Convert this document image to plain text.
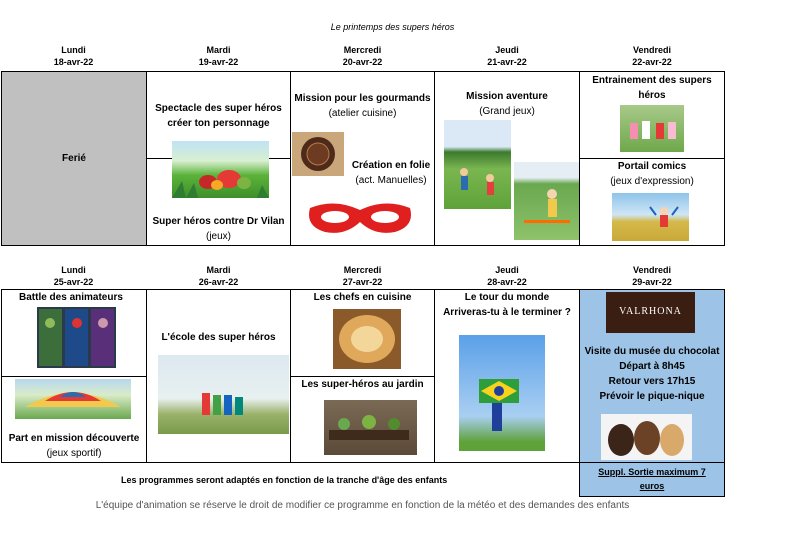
Le printemps des supers héros
Lundi
18-avr-22
Mardi
19-avr-22
Mercredi
20-avr-22
Jeudi
21-avr-22
Vendredi
22-avr-22
Ferié
Spectacle des super héros
créer ton personnage
Super héros contre Dr Vilan
(jeux)
Mission pour les gourmands
(atelier cuisine)
Création en folie
(act. Manuelles)
Mission aventure
(Grand jeux)
Entrainement des supers
héros
Portail comics
(jeux d'expression)
Lundi
25-avr-22
Mardi
26-avr-22
Mercredi
27-avr-22
Jeudi
28-avr-22
Vendredi
29-avr-22
Battle des animateurs
Part en mission découverte
(jeux sportif)
L'école des super héros
Les chefs en cuisine
Les super-héros au jardin
Le tour du monde
Arriveras-tu à le terminer ?
Visite du musée du chocolat
Départ à 8h45
Retour vers 17h15
Prévoir le pique-nique
VALRHONA
Suppl. Sortie maximum 7
euros
Les programmes seront adaptés en fonction de la tranche d'âge des enfants
L'équipe d'animation se réserve le droit de modifier ce programme en fonction de la météo et des demandes des enfants
